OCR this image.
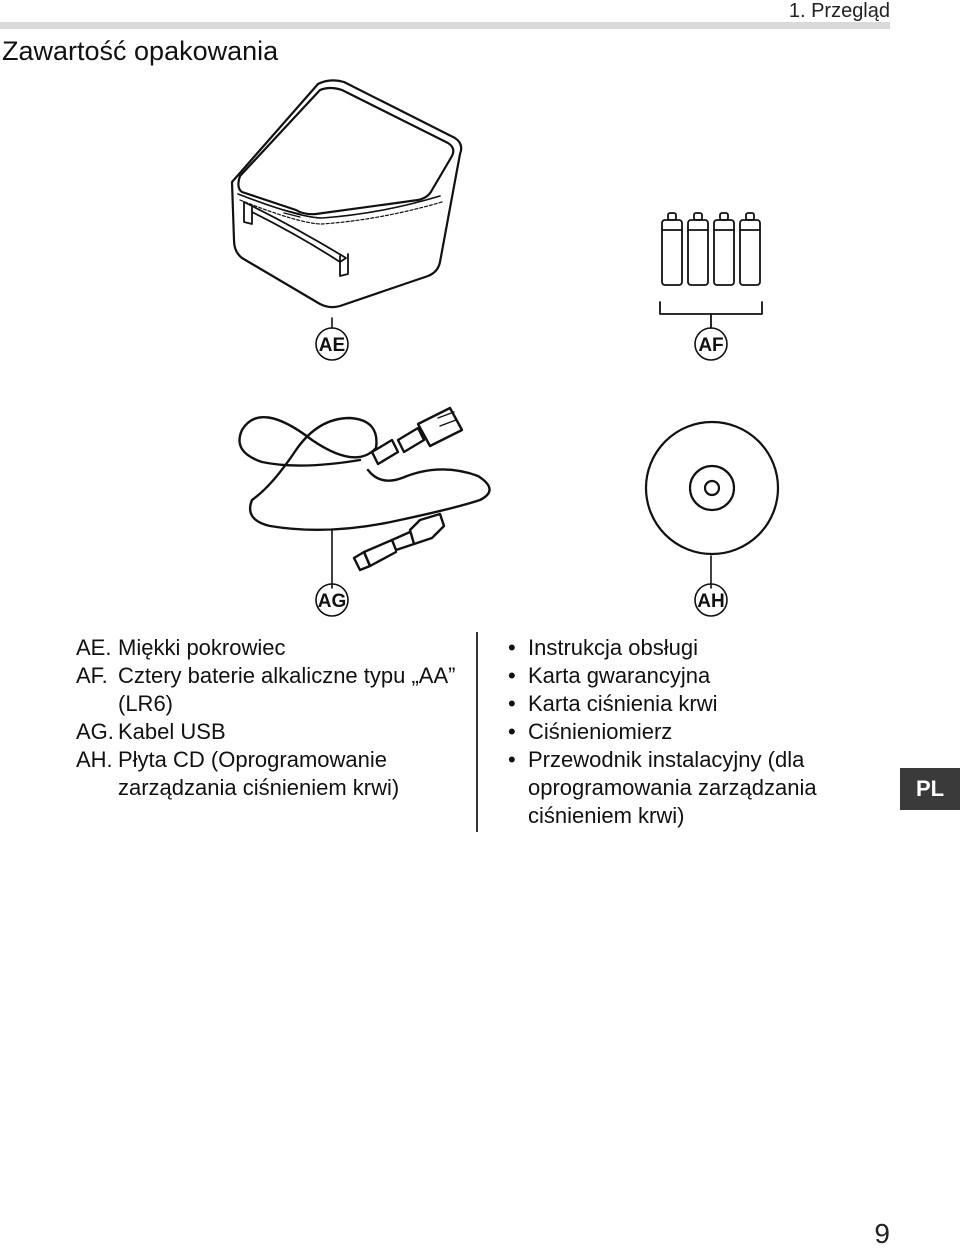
1. Przegląd
Zawartość opakowania
AE	AF
AG	AH
AE. Miękki pokrowiec
AF. Cztery baterie alkaliczne typu „AA” (LR6)
AG. Kabel USB
AH. Płyta CD (Oprogramowanie zarządzania ciśnieniem krwi)
• Instrukcja obsługi
• Karta gwarancyjna
• Karta ciśnienia krwi
• Ciśnieniomierz
• Przewodnik instalacyjny (dla oprogramowania zarządzania ciśnieniem krwi)
PL
9
